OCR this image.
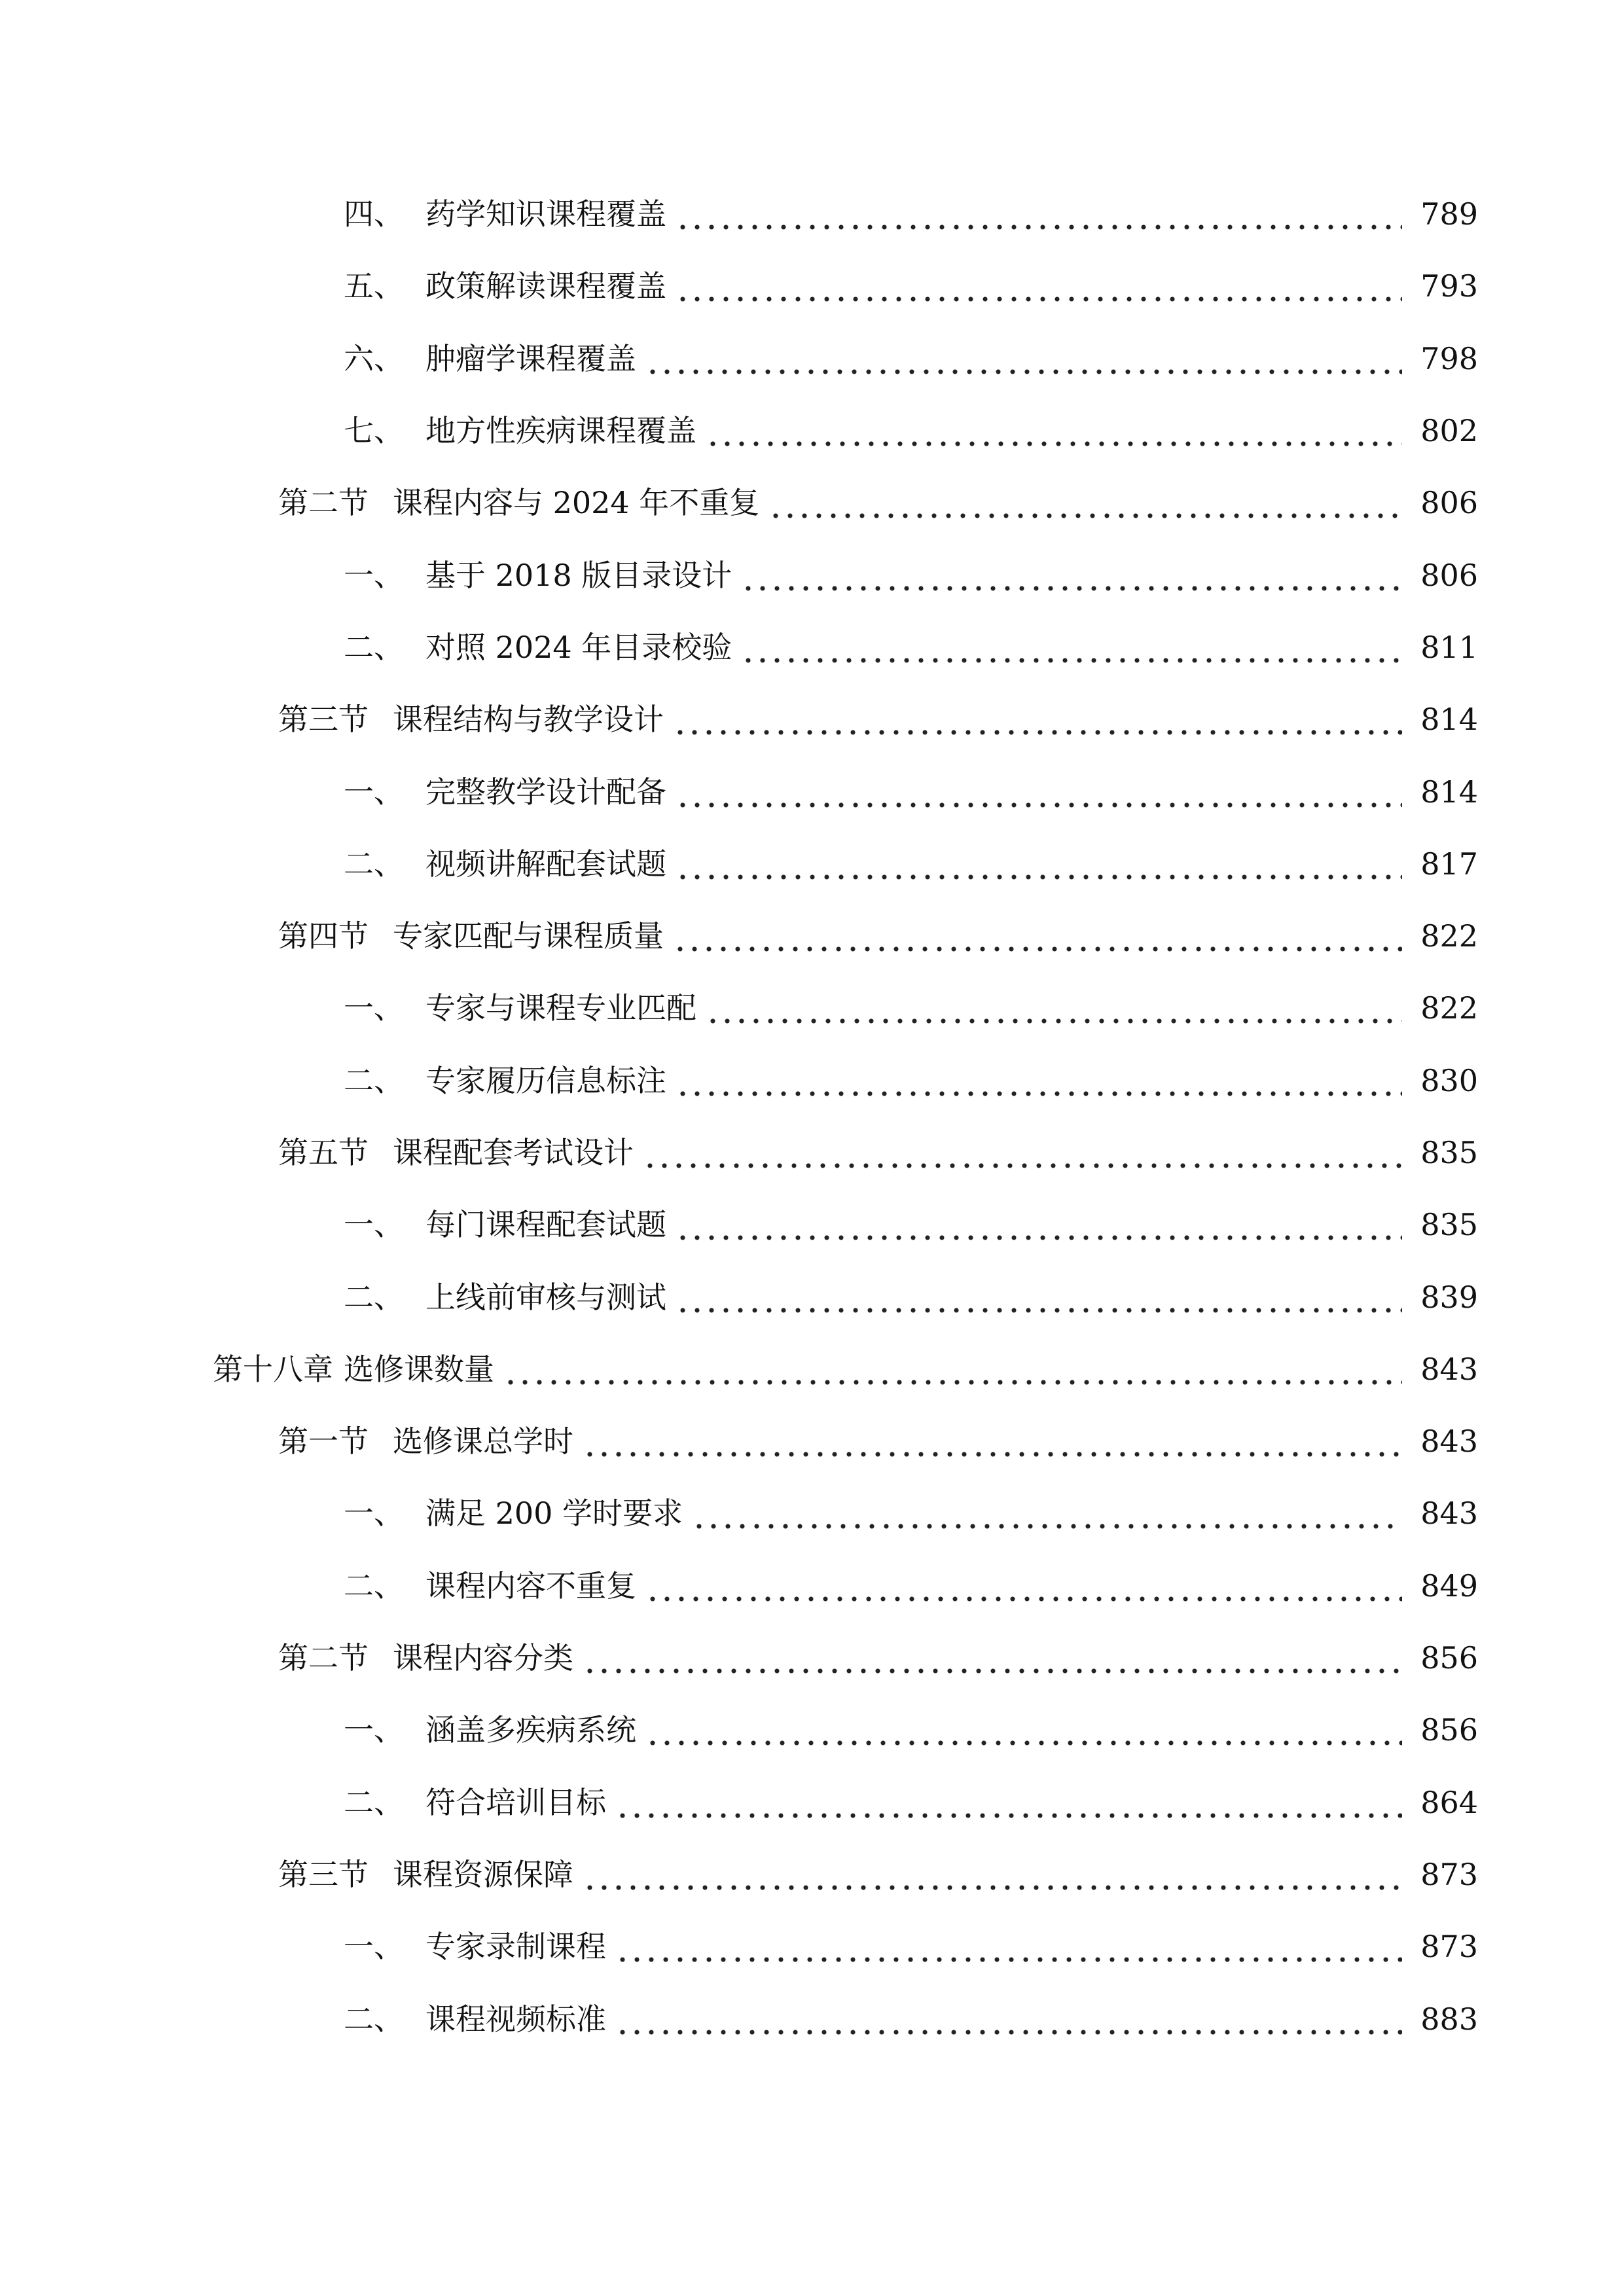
四、 药学知识课程覆盖	789
五、 政策解读课程覆盖	793
六、 肿瘤学课程覆盖	798
七、 地方性疾病课程覆盖	802
第二节 课程内容与 2024 年不重复	806
一、 基于 2018 版目录设计	806
二、 对照 2024 年目录校验	811
第三节 课程结构与教学设计	814
一、 完整教学设计配备	814
二、 视频讲解配套试题	817
第四节 专家匹配与课程质量	822
一、 专家与课程专业匹配	822
二、 专家履历信息标注	830
第五节 课程配套考试设计	835
一、 每门课程配套试题	835
二、 上线前审核与测试	839
第十八章 选修课数量	843
第一节 选修课总学时	843
一、 满足 200 学时要求	843
二、 课程内容不重复	849
第二节 课程内容分类	856
一、 涵盖多疾病系统	856
二、 符合培训目标	864
第三节 课程资源保障	873
一、 专家录制课程	873
二、 课程视频标准	883
